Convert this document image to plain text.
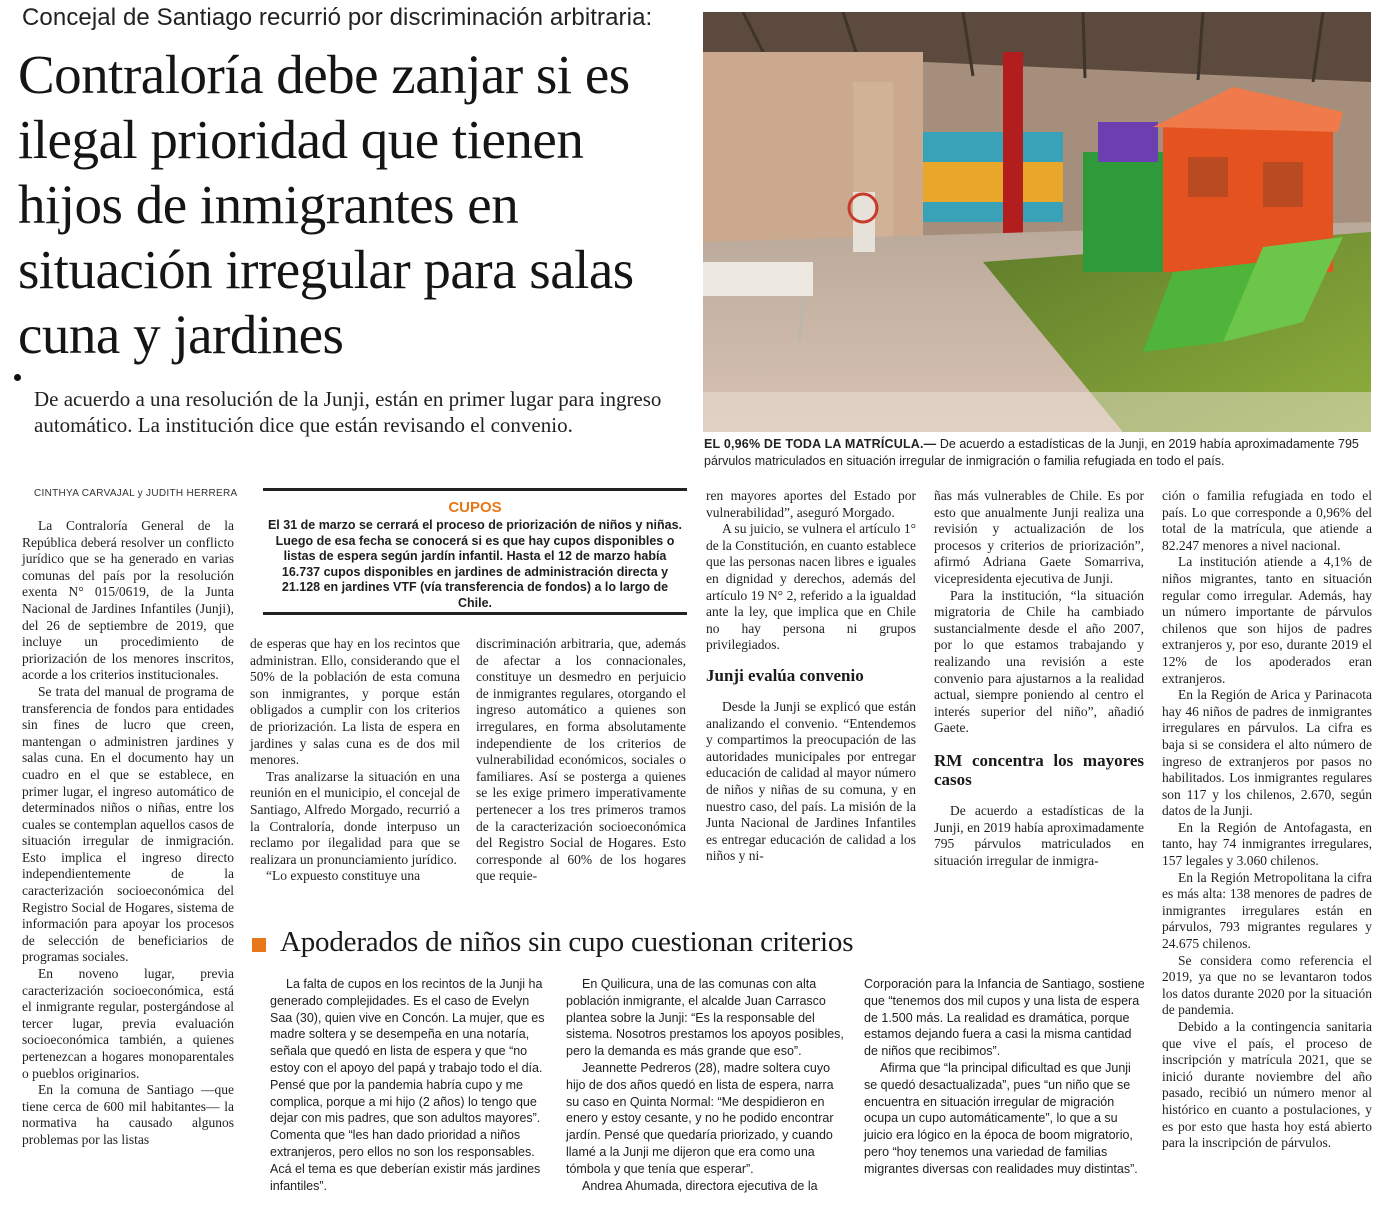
Concejal de Santiago recurrió por discriminación arbitraria:
Contraloría debe zanjar si es ilegal prioridad que tienen hijos de inmigrantes en situación irregular para salas cuna y jardines
De acuerdo a una resolución de la Junji, están en primer lugar para ingreso automático. La institución dice que están revisando el convenio.
EL 0,96% DE TODA LA MATRÍCULA.— De acuerdo a estadísticas de la Junji, en 2019 había aproximadamente 795 párvulos matriculados en situación irregular de inmigración o familia refugiada en todo el país.
CINTHYA CARVAJAL y JUDITH HERRERA
CUPOS
El 31 de marzo se cerrará el proceso de priorización de niños y niñas. Luego de esa fecha se conocerá si es que hay cupos disponibles o listas de espera según jardín infantil. Hasta el 12 de marzo había 16.737 cupos disponibles en jardines de administración directa y 21.128 en jardines VTF (vía transferencia de fondos) a lo largo de Chile.

La Contraloría General de la República deberá resolver un conflicto jurídico que se ha generado en varias comunas del país por la resolución exenta N° 015/0619, de la Junta Nacional de Jardines Infantiles (Junji), del 26 de septiembre de 2019, que incluye un procedimiento de priorización de los menores inscritos, acorde a los criterios institucionales.

Se trata del manual de programa de transferencia de fondos para entidades sin fines de lucro que creen, mantengan o administren jardines y salas cuna. En el documento hay un cuadro en el que se establece, en primer lugar, el ingreso automático de determinados niños o niñas, entre los cuales se contemplan aquellos casos de situación irregular de inmigración. Esto implica el ingreso directo independientemente de la caracterización socioeconómica del Registro Social de Hogares, sistema de información para apoyar los procesos de selección de beneficiarios de programas sociales.

En noveno lugar, previa caracterización socioeconómica, está el inmigrante regular, postergándose al tercer lugar, previa evaluación socioeconómica también, a quienes pertenezcan a hogares monoparentales o pueblos originarios.

En la comuna de Santiago —que tiene cerca de 600 mil habitantes— la normativa ha causado algunos problemas por las listas

de esperas que hay en los recintos que administran. Ello, considerando que el 50% de la población de esta comuna son inmigrantes, y porque están obligados a cumplir con los criterios de priorización. La lista de espera en jardines y salas cuna es de dos mil menores.

Tras analizarse la situación en una reunión en el municipio, el concejal de Santiago, Alfredo Morgado, recurrió a la Contraloría, donde interpuso un reclamo por ilegalidad para que se realizara un pronunciamiento jurídico.

“Lo expuesto constituye una

discriminación arbitraria, que, además de afectar a los connacionales, constituye un desmedro en perjuicio de inmigrantes regulares, otorgando el ingreso automático a quienes son irregulares, en forma absolutamente independiente de los criterios de vulnerabilidad económicos, sociales o familiares. Así se posterga a quienes se les exige primero imperativamente pertenecer a los tres primeros tramos de la caracterización socioeconómica del Registro Social de Hogares. Esto corresponde al 60% de los hogares que requie-

ren mayores aportes del Estado por vulnerabilidad”, aseguró Morgado.

A su juicio, se vulnera el artículo 1° de la Constitución, en cuanto establece que las personas nacen libres e iguales en dignidad y derechos, además del artículo 19 N° 2, referido a la igualdad ante la ley, que implica que en Chile no hay persona ni grupos privilegiados.

Junji evalúa convenio

Desde la Junji se explicó que están analizando el convenio. “Entendemos y compartimos la preocupación de las autoridades municipales por entregar educación de calidad al mayor número de niños y niñas de su comuna, y en nuestro caso, del país. La misión de la Junta Nacional de Jardines Infantiles es entregar educación de calidad a los niños y ni-

ñas más vulnerables de Chile. Es por esto que anualmente Junji realiza una revisión y actualización de los procesos y criterios de priorización”, afirmó Adriana Gaete Somarriva, vicepresidenta ejecutiva de Junji.

Para la institución, “la situación migratoria de Chile ha cambiado sustancialmente desde el año 2007, por lo que estamos trabajando y realizando una revisión a este convenio para ajustarnos a la realidad actual, siempre poniendo al centro el interés superior del niño”, añadió Gaete.

RM concentra los mayores casos

De acuerdo a estadísticas de la Junji, en 2019 había aproximadamente 795 párvulos matriculados en situación irregular de inmigra-

ción o familia refugiada en todo el país. Lo que corresponde a 0,96% del total de la matrícula, que atiende a 82.247 menores a nivel nacional.

La institución atiende a 4,1% de niños migrantes, tanto en situación regular como irregular. Además, hay un número importante de párvulos chilenos que son hijos de padres extranjeros y, por eso, durante 2019 el 12% de los apoderados eran extranjeros.

En la Región de Arica y Parinacota hay 46 niños de padres de inmigrantes irregulares en párvulos. La cifra es baja si se considera el alto número de ingreso de extranjeros por pasos no habilitados. Los inmigrantes regulares son 117 y los chilenos, 2.670, según datos de la Junji.

En la Región de Antofagasta, en tanto, hay 74 inmigrantes irregulares, 157 legales y 3.060 chilenos.

En la Región Metropolitana la cifra es más alta: 138 menores de padres de inmigrantes irregulares están en párvulos, 793 migrantes regulares y 24.675 chilenos.

Se considera como referencia el 2019, ya que no se levantaron todos los datos durante 2020 por la situación de pandemia.

Debido a la contingencia sanitaria que vive el país, el proceso de inscripción y matrícula 2021, que se inició durante noviembre del año pasado, recibió un número menor al histórico en cuanto a postulaciones, y es por esto que hasta hoy está abierto para la inscripción de párvulos.

Apoderados de niños sin cupo cuestionan criterios

La falta de cupos en los recintos de la Junji ha generado complejidades. Es el caso de Evelyn Saa (30), quien vive en Concón. La mujer, que es madre soltera y se desempeña en una notaría, señala que quedó en lista de espera y que “no estoy con el apoyo del papá y trabajo todo el día. Pensé que por la pandemia habría cupo y me complica, porque a mi hijo (2 años) lo tengo que dejar con mis padres, que son adultos mayores”. Comenta que “les han dado prioridad a niños extranjeros, pero ellos no son los responsables. Acá el tema es que deberían existir más jardines infantiles”.

En Quilicura, una de las comunas con alta población inmigrante, el alcalde Juan Carrasco plantea sobre la Junji: “Es la responsable del sistema. Nosotros prestamos los apoyos posibles, pero la demanda es más grande que eso”.

Jeannette Pedreros (28), madre soltera cuyo hijo de dos años quedó en lista de espera, narra su caso en Quinta Normal: “Me despidieron en enero y estoy cesante, y no he podido encontrar jardín. Pensé que quedaría priorizado, y cuando llamé a la Junji me dijeron que era como una tómbola y que tenía que esperar”.

Andrea Ahumada, directora ejecutiva de la

Corporación para la Infancia de Santiago, sostiene que “tenemos dos mil cupos y una lista de espera de 1.500 más. La realidad es dramática, porque estamos dejando fuera a casi la misma cantidad de niños que recibimos”.

Afirma que “la principal dificultad es que Junji se quedó desactualizada”, pues “un niño que se encuentra en situación irregular de migración ocupa un cupo automáticamente”, lo que a su juicio era lógico en la época de boom migratorio, pero “hoy tenemos una variedad de familias migrantes diversas con realidades muy distintas”.
